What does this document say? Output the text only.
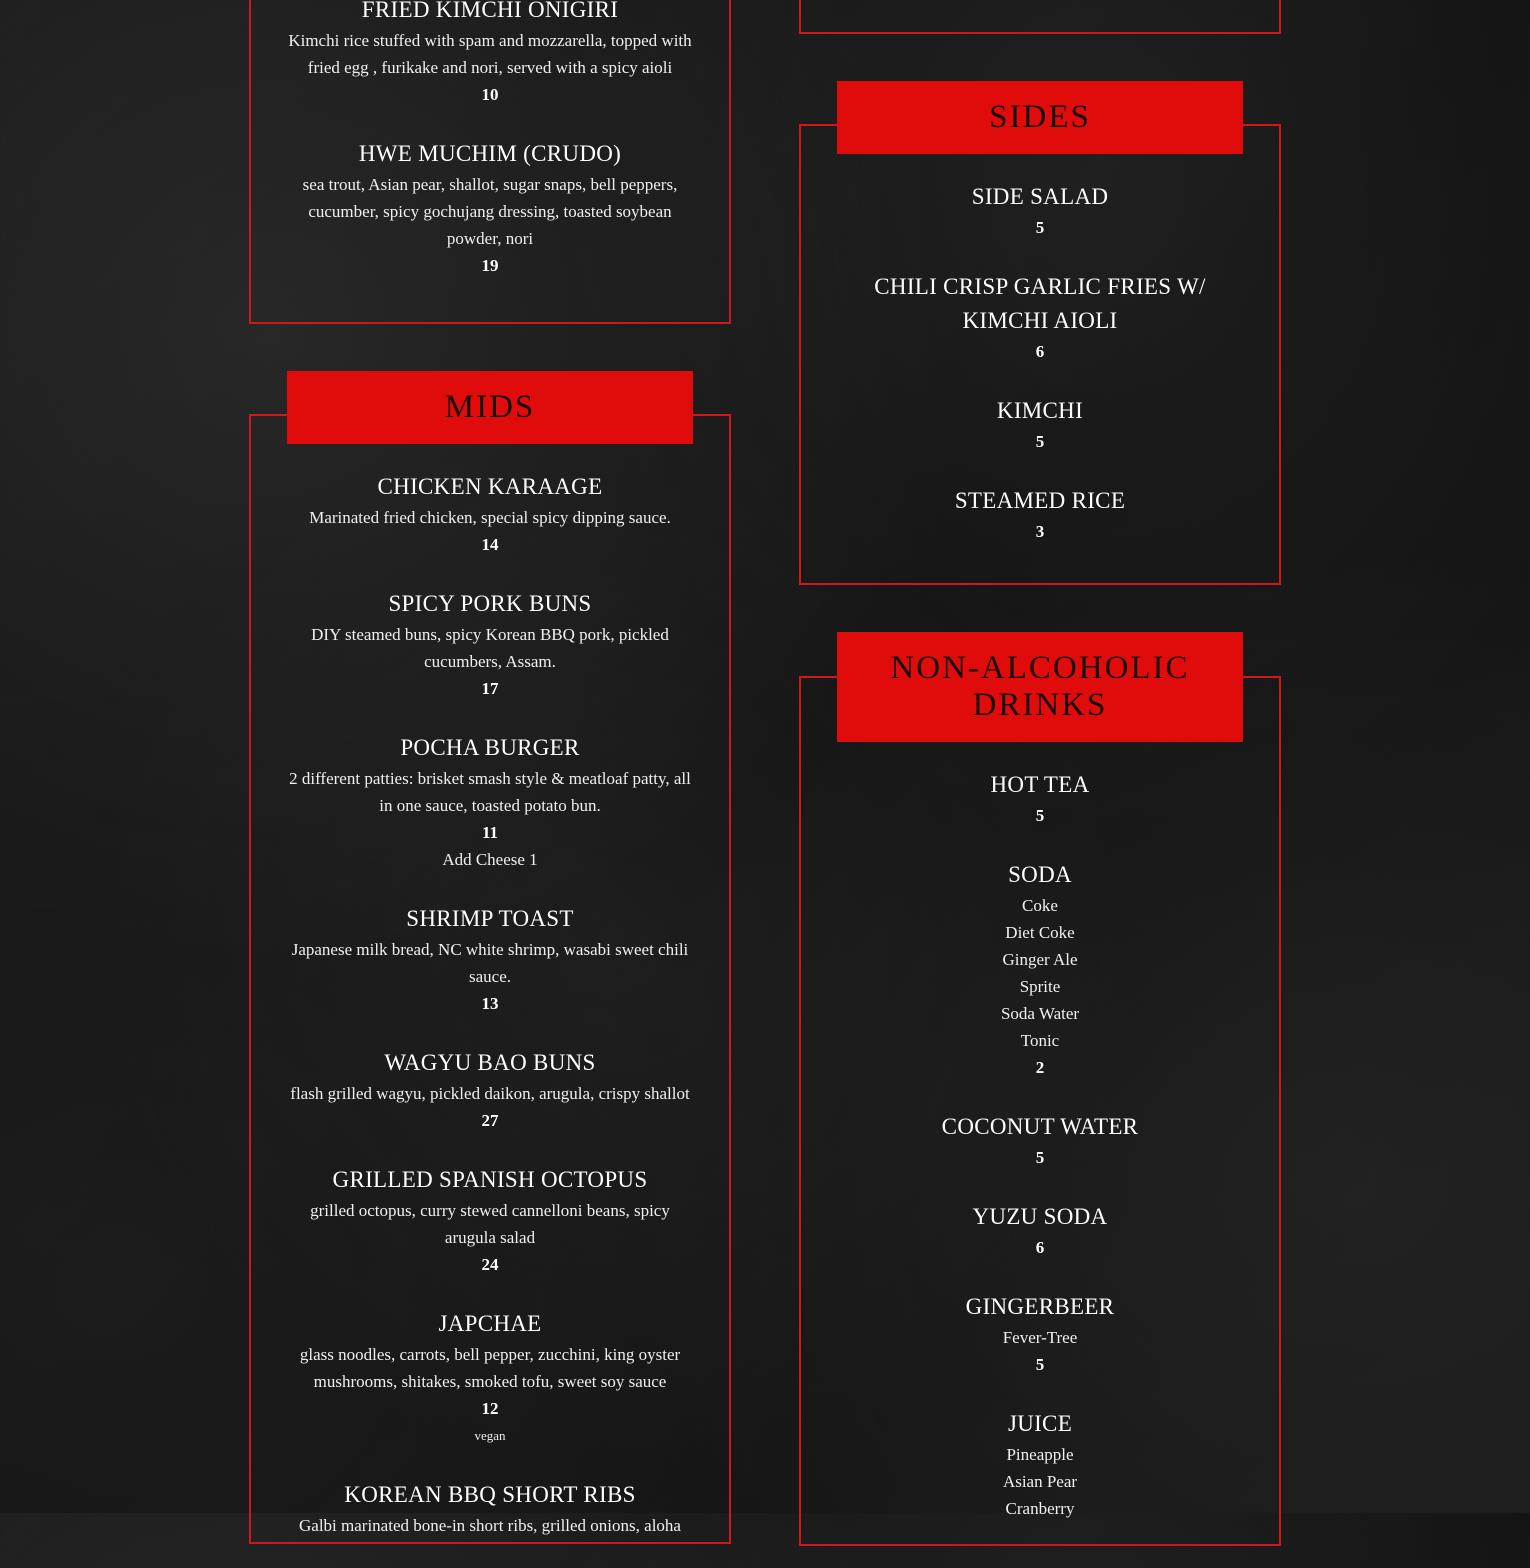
FRIED KIMCHI ONIGIRI
Kimchi rice stuffed with spam and mozzarella, topped with fried egg , furikake and nori, served with a spicy aioli
10
HWE MUCHIM (CRUDO)
sea trout, Asian pear, shallot, sugar snaps, bell peppers, cucumber, spicy gochujang dressing, toasted soybean powder, nori
19
MIDS
CHICKEN KARAAGE
Marinated fried chicken, special spicy dipping sauce.
14
SPICY PORK BUNS
DIY steamed buns, spicy Korean BBQ pork, pickled cucumbers, Assam.
17
POCHA BURGER
2 different patties: brisket smash style & meatloaf patty, all in one sauce, toasted potato bun.
11
Add Cheese 1
SHRIMP TOAST
Japanese milk bread, NC white shrimp, wasabi sweet chili sauce.
13
WAGYU BAO BUNS
flash grilled wagyu, pickled daikon, arugula, crispy shallot
27
GRILLED SPANISH OCTOPUS
grilled octopus, curry stewed cannelloni beans, spicy arugula salad
24
JAPCHAE
glass noodles, carrots, bell pepper, zucchini, king oyster mushrooms, shitakes, smoked tofu, sweet soy sauce
12
vegan
KOREAN BBQ SHORT RIBS
Galbi marinated bone-in short ribs, grilled onions, aloha
SIDES
SIDE SALAD
5
CHILI CRISP GARLIC FRIES W/ KIMCHI AIOLI
6
KIMCHI
5
STEAMED RICE
3
NON-ALCOHOLIC DRINKS
HOT TEA
5
SODA
Coke
Diet Coke
Ginger Ale
Sprite
Soda Water
Tonic
2
COCONUT WATER
5
YUZU SODA
6
GINGERBEER
Fever-Tree
5
JUICE
Pineapple
Asian Pear
Cranberry
